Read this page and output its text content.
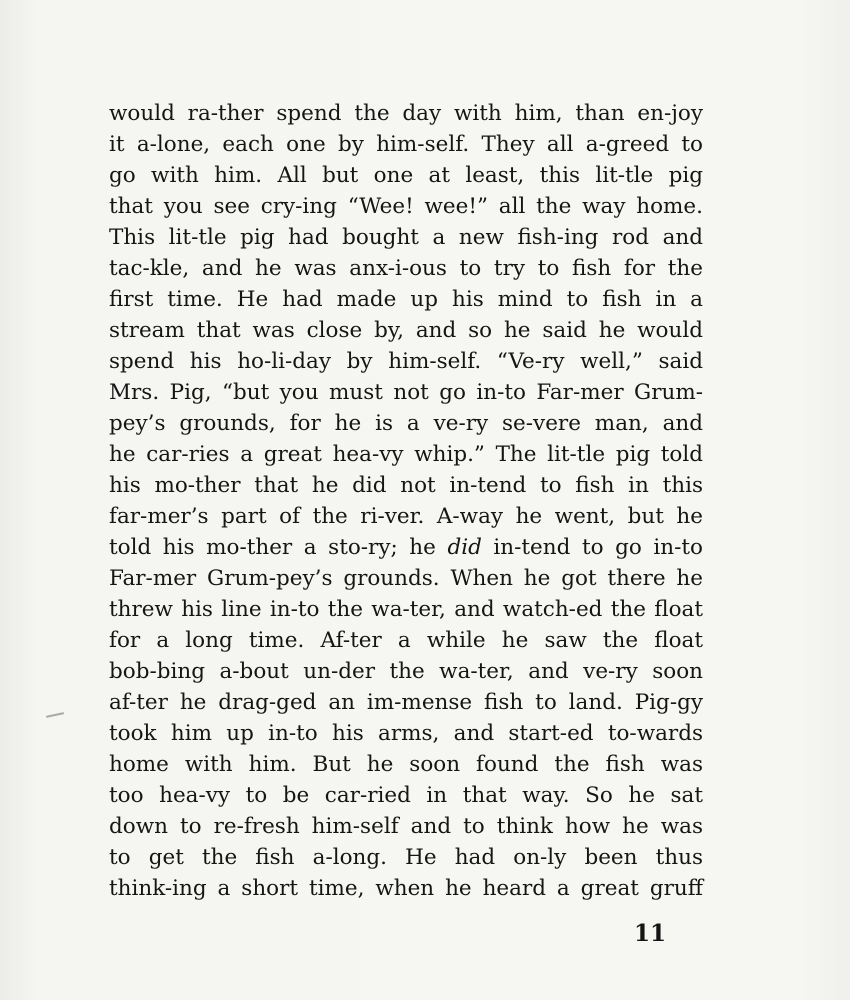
would ra-ther spend the day with him, than en-joy
it a-lone, each one by him-self. They all a-greed to
go with him. All but one at least, this lit-tle pig
that you see cry-ing “Wee! wee!” all the way home.
This lit-tle pig had bought a new fish-ing rod and
tac-kle, and he was anx-i-ous to try to fish for the
first time. He had made up his mind to fish in a
stream that was close by, and so he said he would
spend his ho-li-day by him-self. “Ve-ry well,” said
Mrs. Pig, “but you must not go in-to Far-mer Grum-
pey’s grounds, for he is a ve-ry se-vere man, and
he car-ries a great hea-vy whip.” The lit-tle pig told
his mo-ther that he did not in-tend to fish in this
far-mer’s part of the ri-ver. A-way he went, but he
told his mo-ther a sto-ry; he did in-tend to go in-to
Far-mer Grum-pey’s grounds. When he got there he
threw his line in-to the wa-ter, and watch-ed the float
for a long time. Af-ter a while he saw the float
bob-bing a-bout un-der the wa-ter, and ve-ry soon
af-ter he drag-ged an im-mense fish to land. Pig-gy
took him up in-to his arms, and start-ed to-wards
home with him. But he soon found the fish was
too hea-vy to be car-ried in that way. So he sat
down to re-fresh him-self and to think how he was
to get the fish a-long. He had on-ly been thus
think-ing a short time, when he heard a great gruff
11
